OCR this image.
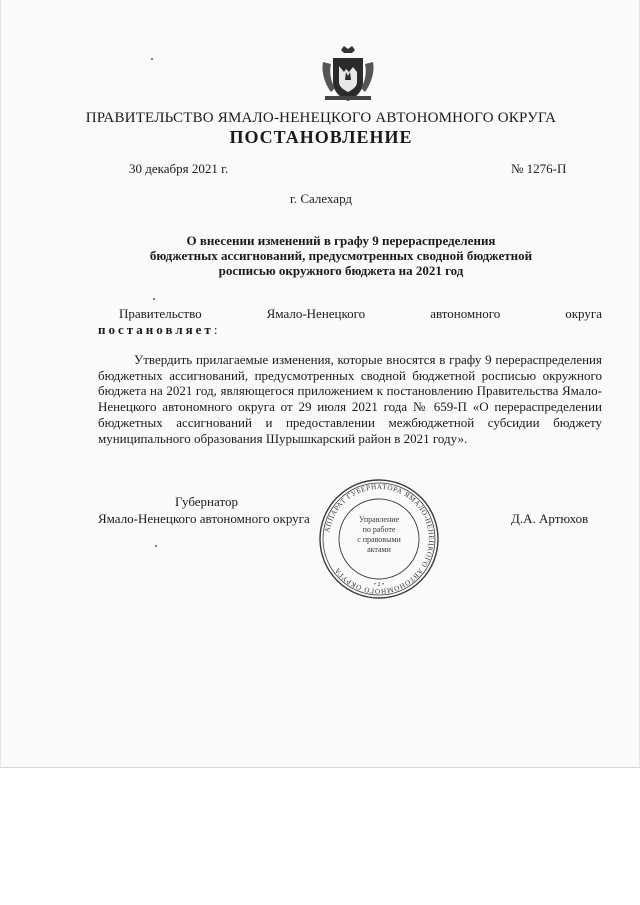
ПРАВИТЕЛЬСТВО ЯМАЛО-НЕНЕЦКОГО АВТОНОМНОГО ОКРУГА
ПОСТАНОВЛЕНИЕ
30 декабря 2021 г.	№ 1276-П
г. Салехард
О внесении изменений в графу 9 перераспределения
бюджетных ассигнований, предусмотренных сводной бюджетной
росписью окружного бюджета на 2021 год
Правительство	Ямало-Ненецкого	автономного	округа
постановляет:
Утвердить прилагаемые изменения, которые вносятся в графу 9 перераспределения бюджетных ассигнований, предусмотренных сводной бюджетной росписью окружного бюджета на 2021 год, являющегося приложением к постановлению Правительства Ямало-Ненецкого автономного округа от 29 июля 2021 года № 659-П «О перераспределении бюджетных ассигнований и предоставлении межбюджетной субсидии бюджету муниципального образования Шурышкарский район в 2021 году».
АППАРАТ ГУБЕРНАТОРА ЯМАЛО-НЕНЕЦКОГО АВТОНОМНОГО ОКРУГА
Управление
по работе
с правовыми
актами
• 2 •
Губернатор
Ямало-Ненецкого автономного округа	Д.А. Артюхов
